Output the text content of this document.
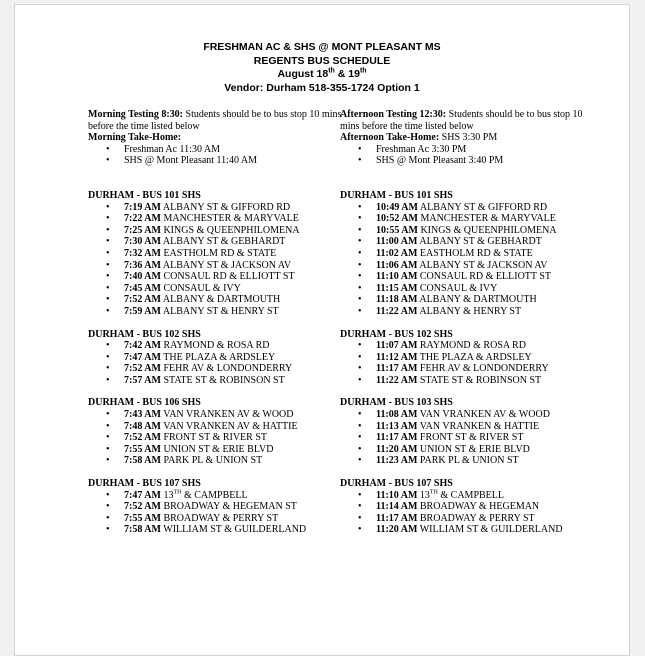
FRESHMAN AC & SHS @ MONT PLEASANT MS
REGENTS BUS SCHEDULE
August 18th & 19th
Vendor: Durham 518-355-1724 Option 1

Morning Testing 8:30: Students should be to bus stop 10 mins before the time listed below

Morning Take-Home:

• Freshman Ac 11:30 AM
• SHS @ Mont Pleasant 11:40 AM
DURHAM - BUS 101 SHS
• 7:19 AM ALBANY ST & GIFFORD RD
• 7:22 AM MANCHESTER & MARYVALE
• 7:25 AM KINGS & QUEENPHILOMENA
• 7:30 AM ALBANY ST & GEBHARDT
• 7:32 AM EASTHOLM RD & STATE
• 7:36 AM ALBANY ST & JACKSON AV
• 7:40 AM CONSAUL RD & ELLIOTT ST
• 7:45 AM CONSAUL & IVY
• 7:52 AM ALBANY & DARTMOUTH
• 7:59 AM ALBANY ST & HENRY ST
DURHAM - BUS 102 SHS
• 7:42 AM RAYMOND & ROSA RD
• 7:47 AM THE PLAZA & ARDSLEY
• 7:52 AM FEHR AV & LONDONDERRY
• 7:57 AM STATE ST & ROBINSON ST
DURHAM - BUS 106 SHS
• 7:43 AM VAN VRANKEN AV & WOOD
• 7:48 AM VAN VRANKEN AV & HATTIE
• 7:52 AM FRONT ST & RIVER ST
• 7:55 AM UNION ST & ERIE BLVD
• 7:58 AM PARK PL & UNION ST
DURHAM - BUS 107 SHS
• 7:47 AM 13TH & CAMPBELL
• 7:52 AM BROADWAY & HEGEMAN ST
• 7:55 AM BROADWAY & PERRY ST
• 7:58 AM WILLIAM ST & GUILDERLAND

Afternoon Testing 12:30: Students should be to bus stop 10 mins before the time listed below

Afternoon Take-Home: SHS 3:30 PM

• Freshman Ac 3:30 PM
• SHS @ Mont Pleasant 3:40 PM
DURHAM - BUS 101 SHS
• 10:49 AM ALBANY ST & GIFFORD RD
• 10:52 AM MANCHESTER & MARYVALE
• 10:55 AM KINGS & QUEENPHILOMENA
• 11:00 AM ALBANY ST & GEBHARDT
• 11:02 AM EASTHOLM RD & STATE
• 11:06 AM ALBANY ST & JACKSON AV
• 11:10 AM CONSAUL RD & ELLIOTT ST
• 11:15 AM CONSAUL & IVY
• 11:18 AM ALBANY & DARTMOUTH
• 11:22 AM ALBANY & HENRY ST
DURHAM - BUS 102 SHS
• 11:07 AM RAYMOND & ROSA RD
• 11:12 AM THE PLAZA & ARDSLEY
• 11:17 AM FEHR AV & LONDONDERRY
• 11:22 AM STATE ST & ROBINSON ST
DURHAM - BUS 103 SHS
• 11:08 AM VAN VRANKEN AV & WOOD
• 11:13 AM VAN VRANKEN & HATTIE
• 11:17 AM FRONT ST & RIVER ST
• 11:20 AM UNION ST & ERIE BLVD
• 11:23 AM PARK PL & UNION ST
DURHAM - BUS 107 SHS
• 11:10 AM 13TH & CAMPBELL
• 11:14 AM BROADWAY & HEGEMAN
• 11:17 AM BROADWAY & PERRY ST
• 11:20 AM WILLIAM ST & GUILDERLAND
